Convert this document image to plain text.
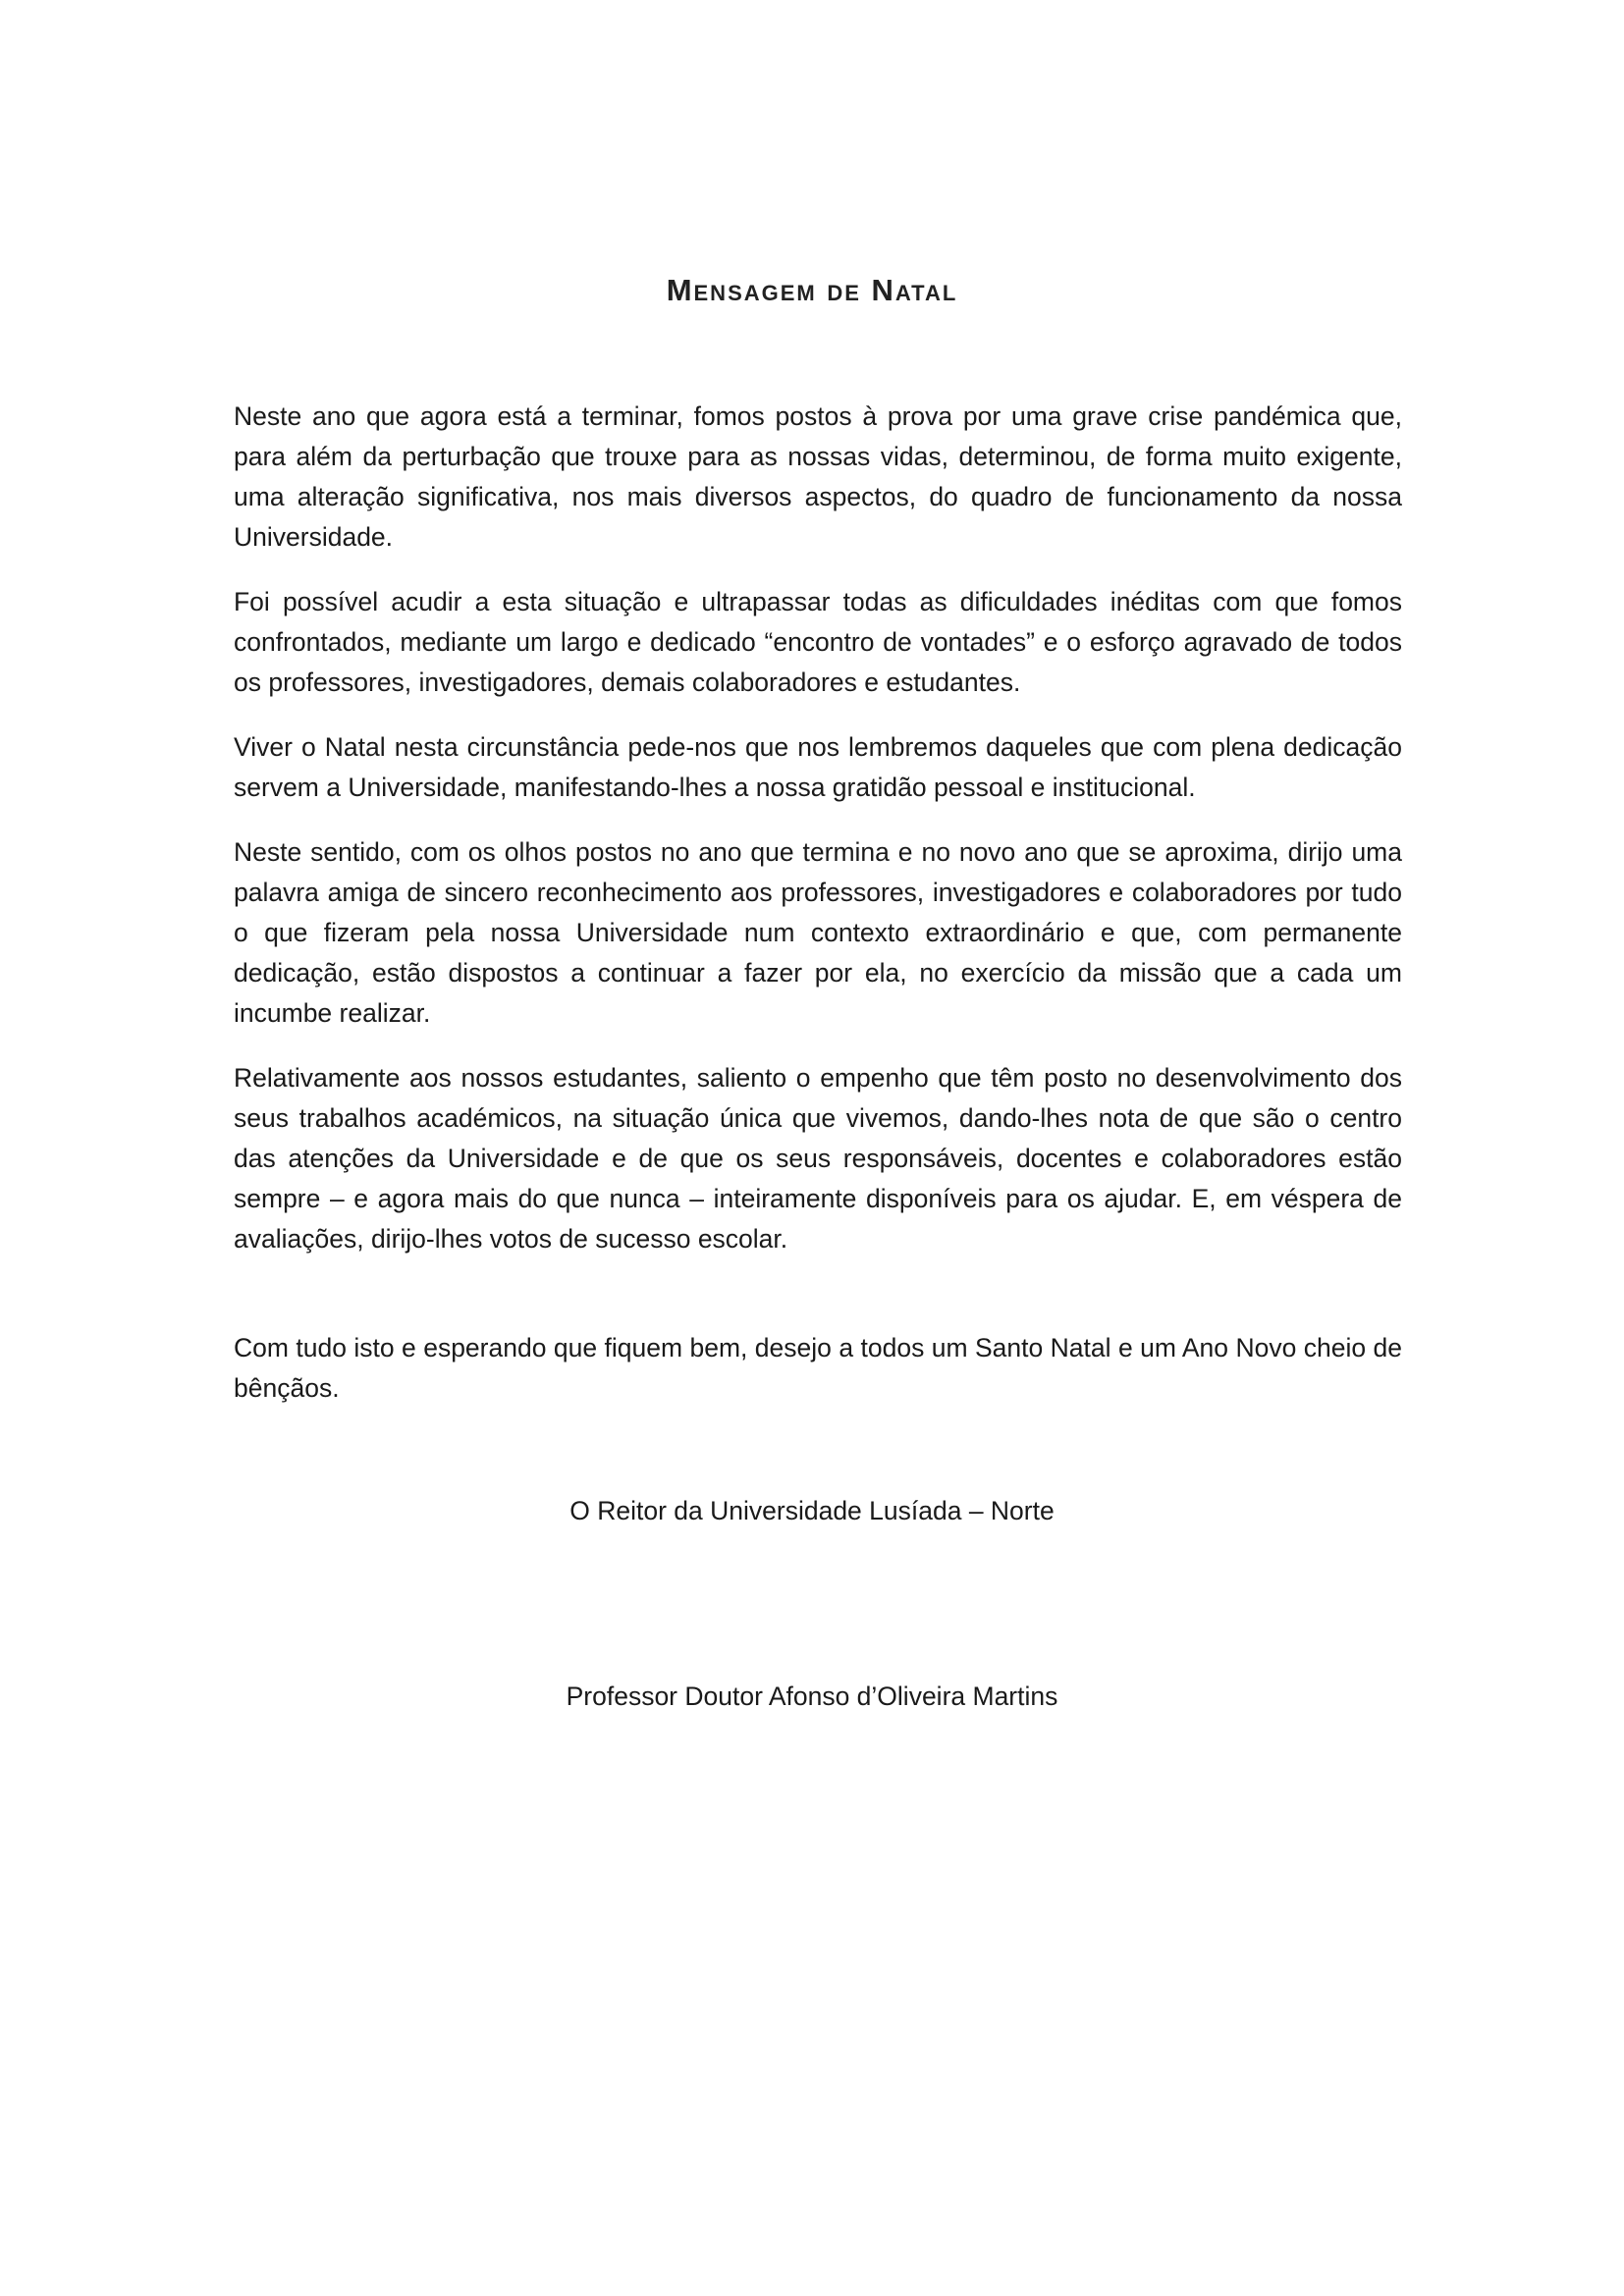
Mensagem de Natal

Neste ano que agora está a terminar, fomos postos à prova por uma grave crise pandémica que, para além da perturbação que trouxe para as nossas vidas, determinou, de forma muito exigente, uma alteração significativa, nos mais diversos aspectos, do quadro de funcionamento da nossa Universidade.

Foi possível acudir a esta situação e ultrapassar todas as dificuldades inéditas com que fomos confrontados, mediante um largo e dedicado “encontro de vontades” e o esforço agravado de todos os professores, investigadores, demais colaboradores e estudantes.

Viver o Natal nesta circunstância pede-nos que nos lembremos daqueles que com plena dedicação servem a Universidade, manifestando-lhes a nossa gratidão pessoal e institucional.

Neste sentido, com os olhos postos no ano que termina e no novo ano que se aproxima, dirijo uma palavra amiga de sincero reconhecimento aos professores, investigadores e colaboradores por tudo o que fizeram pela nossa Universidade num contexto extraordinário e que, com permanente dedicação, estão dispostos a continuar a fazer por ela, no exercício da missão que a cada um incumbe realizar.

Relativamente aos nossos estudantes, saliento o empenho que têm posto no desenvolvimento dos seus trabalhos académicos, na situação única que vivemos, dando-lhes nota de que são o centro das atenções da Universidade e de que os seus responsáveis, docentes e colaboradores estão sempre – e agora mais do que nunca – inteiramente disponíveis para os ajudar. E, em véspera de avaliações, dirijo-lhes votos de sucesso escolar.

Com tudo isto e esperando que fiquem bem, desejo a todos um Santo Natal e um Ano Novo cheio de bênçãos.

O Reitor da Universidade Lusíada – Norte
Professor Doutor Afonso d’Oliveira Martins
